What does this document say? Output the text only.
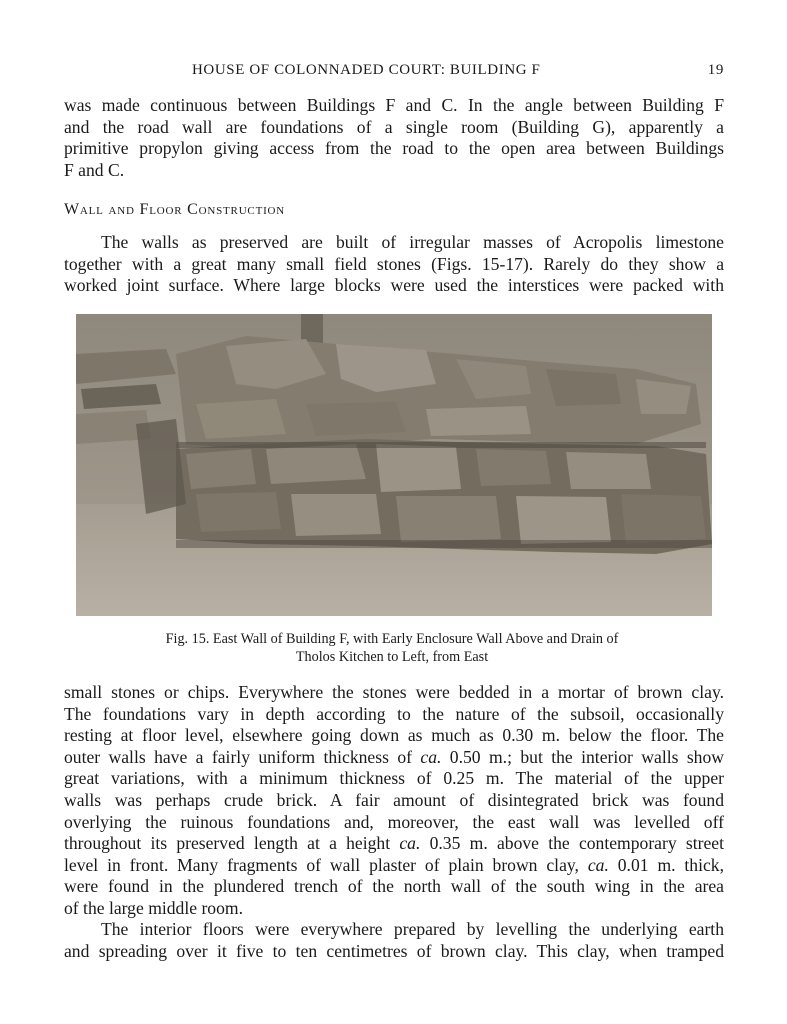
HOUSE OF COLONNADED COURT: BUILDING F	19
was made continuous between Buildings F and C. In the angle between Building F
and the road wall are foundations of a single room (Building G), apparently a
primitive propylon giving access from the road to the open area between Buildings
F and C.
Wall and Floor Construction
The walls as preserved are built of irregular masses of Acropolis limestone
together with a great many small field stones (Figs. 15-17). Rarely do they show a
worked joint surface. Where large blocks were used the interstices were packed with
Fig. 15. East Wall of Building F, with Early Enclosure Wall Above and Drain of
Tholos Kitchen to Left, from East
small stones or chips. Everywhere the stones were bedded in a mortar of brown clay.
The foundations vary in depth according to the nature of the subsoil, occasionally
resting at floor level, elsewhere going down as much as 0.30 m. below the floor. The
outer walls have a fairly uniform thickness of ca. 0.50 m.; but the interior walls show
great variations, with a minimum thickness of 0.25 m. The material of the upper
walls was perhaps crude brick. A fair amount of disintegrated brick was found
overlying the ruinous foundations and, moreover, the east wall was levelled off
throughout its preserved length at a height ca. 0.35 m. above the contemporary street
level in front. Many fragments of wall plaster of plain brown clay, ca. 0.01 m. thick,
were found in the plundered trench of the north wall of the south wing in the area
of the large middle room.
The interior floors were everywhere prepared by levelling the underlying earth
and spreading over it five to ten centimetres of brown clay. This clay, when tramped
